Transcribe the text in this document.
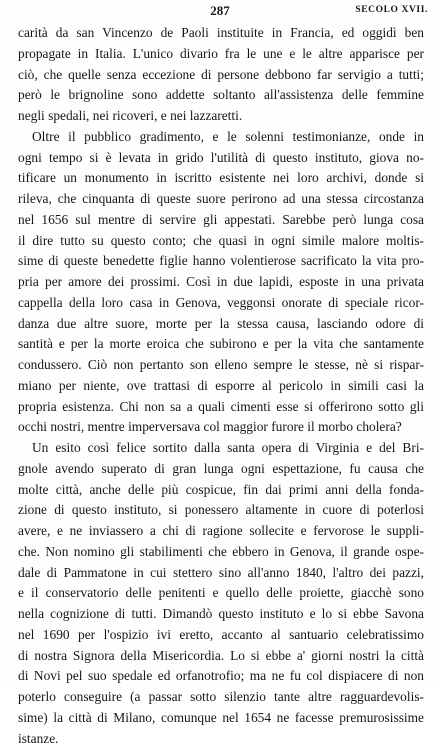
287	SECOLO XVII.
carità da san Vincenzo de Paoli instituite in Francia, ed oggidì ben
propagate in Italia. L'unico divario fra le une e le altre apparisce per
ciò, che quelle senza eccezione di persone debbono far servigio a tutti;
però le brignoline sono addette soltanto all'assistenza delle femmine
negli spedali, nei ricoveri, e nei lazzaretti.
Oltre il pubblico gradimento, e le solenni testimonianze, onde in
ogni tempo si è levata in grido l'utilità di questo instituto, giova no-
tificare un monumento in iscritto esistente nei loro archivi, donde si
rileva, che cinquanta di queste suore perirono ad una stessa circostanza
nel 1656 sul mentre di servire gli appestati. Sarebbe però lunga cosa
il dire tutto su questo conto; che quasi in ogni simile malore moltis-
sime di queste benedette figlie hanno volentierose sacrificato la vita pro-
pria per amore dei prossimi. Così in due lapidi, esposte in una privata
cappella della loro casa in Genova, veggonsi onorate di speciale ricor-
danza due altre suore, morte per la stessa causa, lasciando odore di
santità e per la morte eroica che subirono e per la vita che santamente
condussero. Ciò non pertanto son elleno sempre le stesse, nè si rispar-
miano per niente, ove trattasi di esporre al pericolo in simili casi la
propria esistenza. Chi non sa a quali cimenti esse si offerirono sotto gli
occhi nostri, mentre imperversava col maggior furore il morbo cholera?
Un esito così felice sortito dalla santa opera di Virginia e del Bri-
gnole avendo superato di gran lunga ogni espettazione, fu causa che
molte città, anche delle più cospicue, fin dai primi anni della fonda-
zione di questo instituto, si ponessero altamente in cuore di poterlosi
avere, e ne inviassero a chi di ragione sollecite e fervorose le suppli-
che. Non nomino gli stabilimenti che ebbero in Genova, il grande ospe-
dale di Pammatone in cui stettero sino all'anno 1840, l'altro dei pazzi,
e il conservatorio delle penitenti e quello delle proiette, giacchè sono
nella cognizione di tutti. Dimandò questo instituto e lo si ebbe Savona
nel 1690 per l'ospizio ivi eretto, accanto al santuario celebratissimo
di nostra Signora della Misericordia. Lo si ebbe a' giorni nostri la città
di Novi pel suo spedale ed orfanotrofio; ma ne fu col dispiacere di non
poterlo conseguire (a passar sotto silenzio tante altre ragguardevolis-
sime) la città di Milano, comunque nel 1654 ne facesse premurosissime
istanze.
